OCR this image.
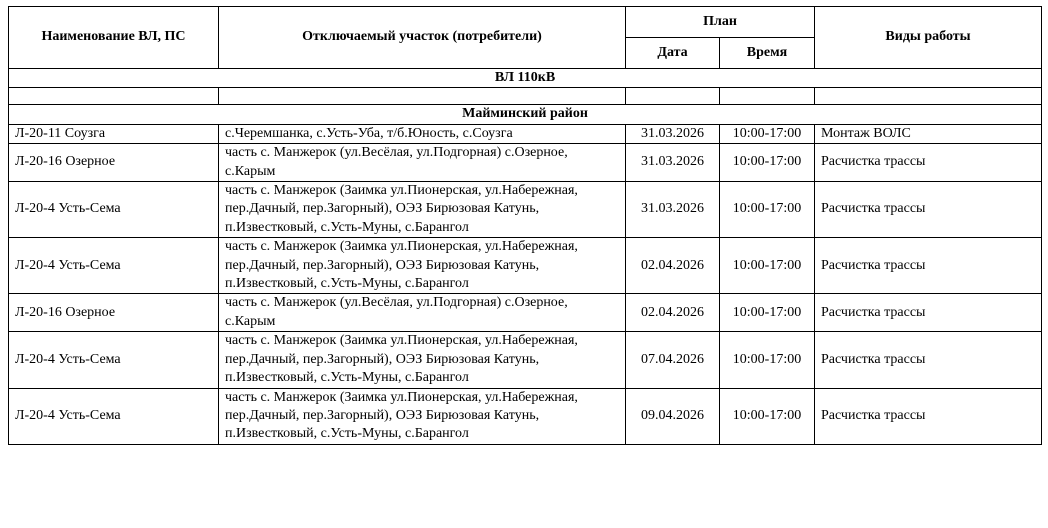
Наименование ВЛ, ПС	Отключаемый участок (потребители)	План		Виды работы
		Дата	Время	
ВЛ 110кВ				

Майминский район				
Л-20-11 Соузга	с.Черемшанка, с.Усть-Уба, т/б.Юность, с.Соузга	31.03.2026	10:00-17:00	Монтаж ВОЛС
Л-20-16 Озерное	часть с. Манжерок (ул.Весёлая, ул.Подгорная) с.Озерное, с.Карым	31.03.2026	10:00-17:00	Расчистка трассы
Л-20-4 Усть-Сема	часть с. Манжерок (Заимка ул.Пионерская, ул.Набережная, пер.Дачный, пер.Загорный), ОЭЗ Бирюзовая Катунь, п.Известковый, с.Усть-Муны, с.Барангол	31.03.2026	10:00-17:00	Расчистка трассы
Л-20-4 Усть-Сема	часть с. Манжерок (Заимка ул.Пионерская, ул.Набережная, пер.Дачный, пер.Загорный), ОЭЗ Бирюзовая Катунь, п.Известковый, с.Усть-Муны, с.Барангол	02.04.2026	10:00-17:00	Расчистка трассы
Л-20-16 Озерное	часть с. Манжерок (ул.Весёлая, ул.Подгорная) с.Озерное, с.Карым	02.04.2026	10:00-17:00	Расчистка трассы
Л-20-4 Усть-Сема	часть с. Манжерок (Заимка ул.Пионерская, ул.Набережная, пер.Дачный, пер.Загорный), ОЭЗ Бирюзовая Катунь, п.Известковый, с.Усть-Муны, с.Барангол	07.04.2026	10:00-17:00	Расчистка трассы
Л-20-4 Усть-Сема	часть с. Манжерок (Заимка ул.Пионерская, ул.Набережная, пер.Дачный, пер.Загорный), ОЭЗ Бирюзовая Катунь, п.Известковый, с.Усть-Муны, с.Барангол	09.04.2026	10:00-17:00	Расчистка трассы
